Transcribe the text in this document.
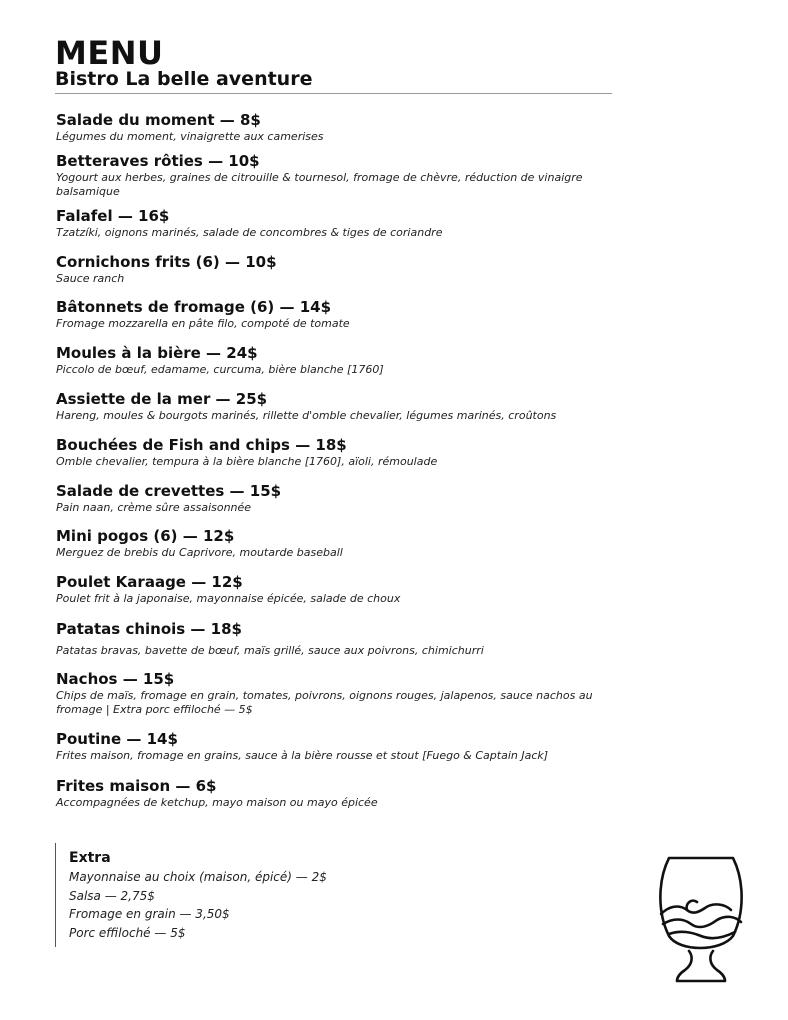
MENU
Bistro La belle aventure
Salade du moment — 8$
Légumes du moment, vinaigrette aux camerises
Betteraves rôties — 10$
Yogourt aux herbes, graines de citrouille & tournesol, fromage de chèvre, réduction de vinaigre balsamique
Falafel — 16$
Tzatzíki, oignons marinés, salade de concombres & tiges de coriandre
Cornichons frits (6) — 10$
Sauce ranch
Bâtonnets de fromage (6) — 14$
Fromage mozzarella en pâte filo, compoté de tomate
Moules à la bière — 24$
Piccolo de bœuf, edamame, curcuma, bière blanche [1760]
Assiette de la mer — 25$
Hareng, moules & bourgots marinés, rillette d'omble chevalier, légumes marinés, croûtons
Bouchées de Fish and chips — 18$
Omble chevalier, tempura à la bière blanche [1760], aïoli, rémoulade
Salade de crevettes — 15$
Pain naan, crème sûre assaisonnée
Mini pogos (6) — 12$
Merguez de brebis du Caprivore, moutarde baseball
Poulet Karaage — 12$
Poulet frit à la japonaise, mayonnaise épicée, salade de choux
Patatas chinois — 18$
Patatas bravas, bavette de bœuf, maïs grillé, sauce aux poivrons, chimichurri
Nachos — 15$
Chips de maïs, fromage en grain, tomates, poivrons, oignons rouges, jalapenos, sauce nachos au fromage | Extra porc effiloché — 5$
Poutine — 14$
Frites maison, fromage en grains, sauce à la bière rousse et stout [Fuego & Captain Jack]
Frites maison — 6$
Accompagnées de ketchup, mayo maison ou mayo épicée
Extra
Mayonnaise au choix (maison, épicé) — 2$
Salsa — 2,75$
Fromage en grain — 3,50$
Porc effiloché — 5$
